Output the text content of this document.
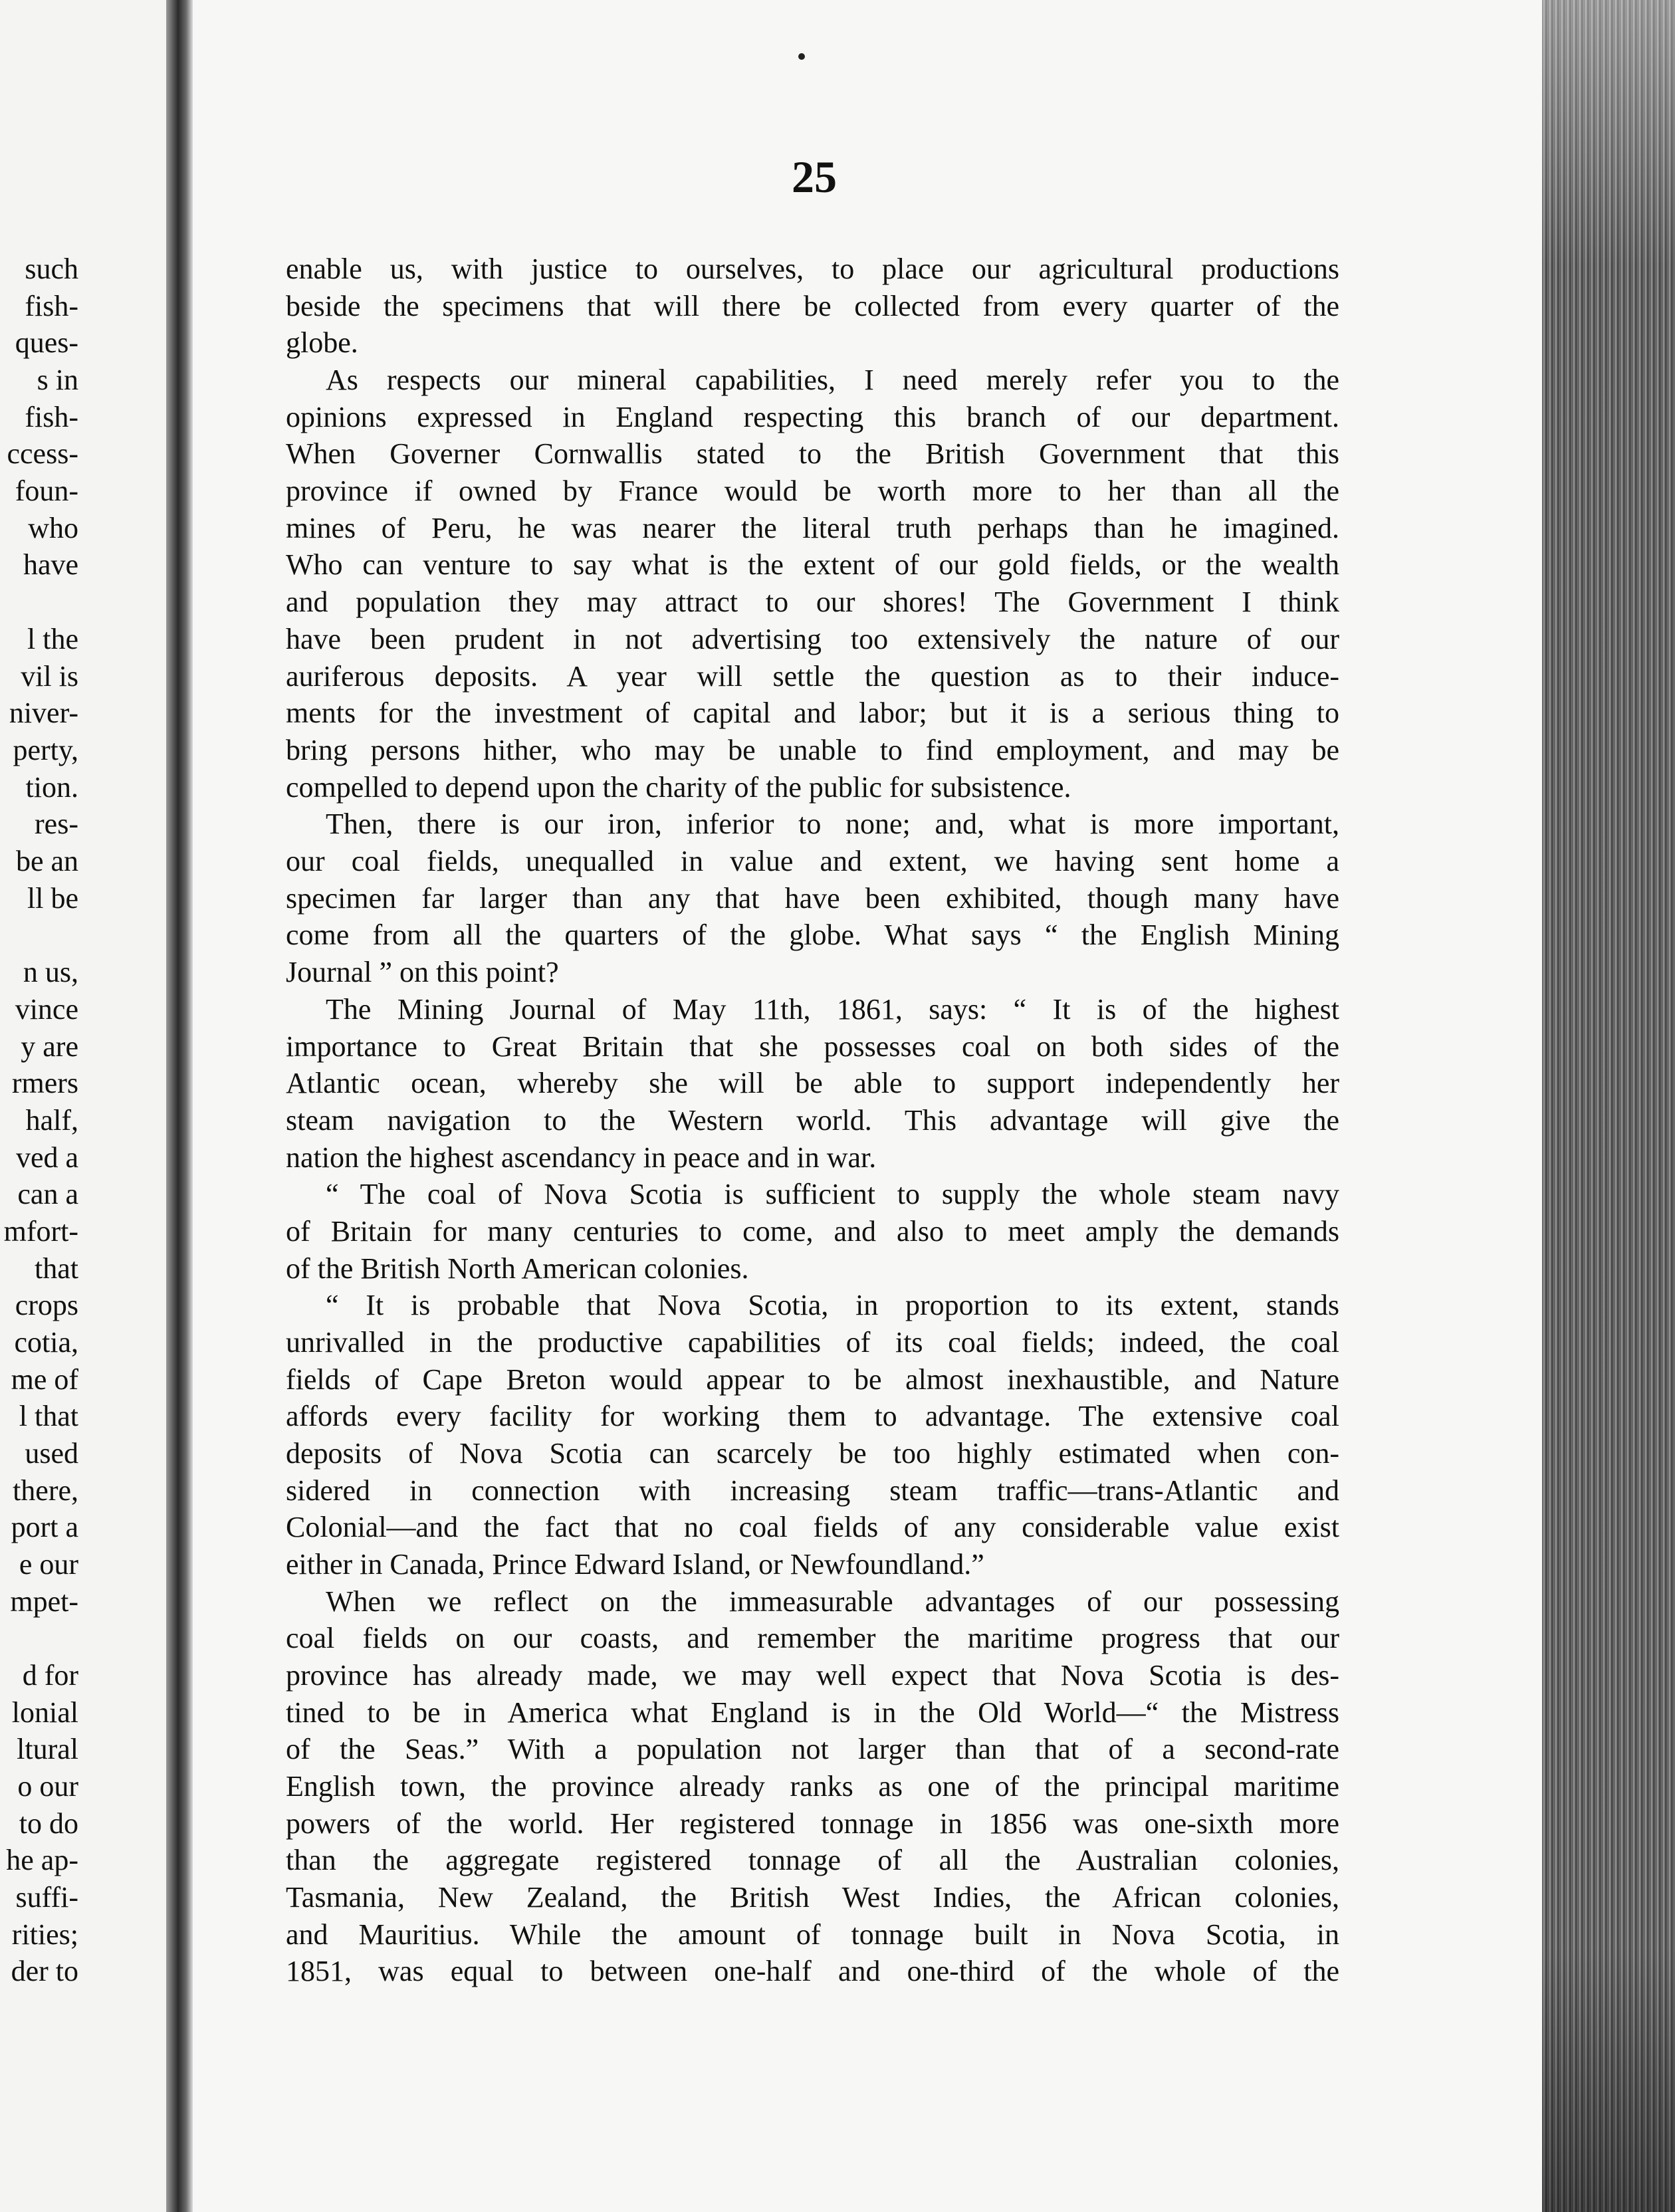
such
fish-
ques-
s in
fish-
ccess-
foun-
who
have
l the
vil is
niver-
perty,
tion.
res-
be an
ll be
n us,
vince
y are
rmers
half,
ved a
can a
mfort-
that
crops
cotia,
me of
l that
used
there,
port a
e our
mpet-
d for
lonial
ltural
o our
to do
he ap-
suffi-
rities;
der to
25
enable us, with justice to ourselves, to place our agricultural productions
beside the specimens that will there be collected from every quarter of the
globe.
As respects our mineral capabilities, I need merely refer you to the
opinions expressed in England respecting this branch of our department.
When Governer Cornwallis stated to the British Government that this
province if owned by France would be worth more to her than all the
mines of Peru, he was nearer the literal truth perhaps than he imagined.
Who can venture to say what is the extent of our gold fields, or the wealth
and population they may attract to our shores! The Government I think
have been prudent in not advertising too extensively the nature of our
auriferous deposits. A year will settle the question as to their induce-
ments for the investment of capital and labor; but it is a serious thing to
bring persons hither, who may be unable to find employment, and may be
compelled to depend upon the charity of the public for subsistence.
Then, there is our iron, inferior to none; and, what is more important,
our coal fields, unequalled in value and extent, we having sent home a
specimen far larger than any that have been exhibited, though many have
come from all the quarters of the globe. What says “ the English Mining
Journal ” on this point?
The Mining Journal of May 11th, 1861, says: “ It is of the highest
importance to Great Britain that she possesses coal on both sides of the
Atlantic ocean, whereby she will be able to support independently her
steam navigation to the Western world. This advantage will give the
nation the highest ascendancy in peace and in war.
“ The coal of Nova Scotia is sufficient to supply the whole steam navy
of Britain for many centuries to come, and also to meet amply the demands
of the British North American colonies.
“ It is probable that Nova Scotia, in proportion to its extent, stands
unrivalled in the productive capabilities of its coal fields; indeed, the coal
fields of Cape Breton would appear to be almost inexhaustible, and Nature
affords every facility for working them to advantage. The extensive coal
deposits of Nova Scotia can scarcely be too highly estimated when con-
sidered in connection with increasing steam traffic—trans-Atlantic and
Colonial—and the fact that no coal fields of any considerable value exist
either in Canada, Prince Edward Island, or Newfoundland.”
When we reflect on the immeasurable advantages of our possessing
coal fields on our coasts, and remember the maritime progress that our
province has already made, we may well expect that Nova Scotia is des-
tined to be in America what England is in the Old World—“ the Mistress
of the Seas.” With a population not larger than that of a second-rate
English town, the province already ranks as one of the principal maritime
powers of the world. Her registered tonnage in 1856 was one-sixth more
than the aggregate registered tonnage of all the Australian colonies,
Tasmania, New Zealand, the British West Indies, the African colonies,
and Mauritius. While the amount of tonnage built in Nova Scotia, in
1851, was equal to between one-half and one-third of the whole of the
